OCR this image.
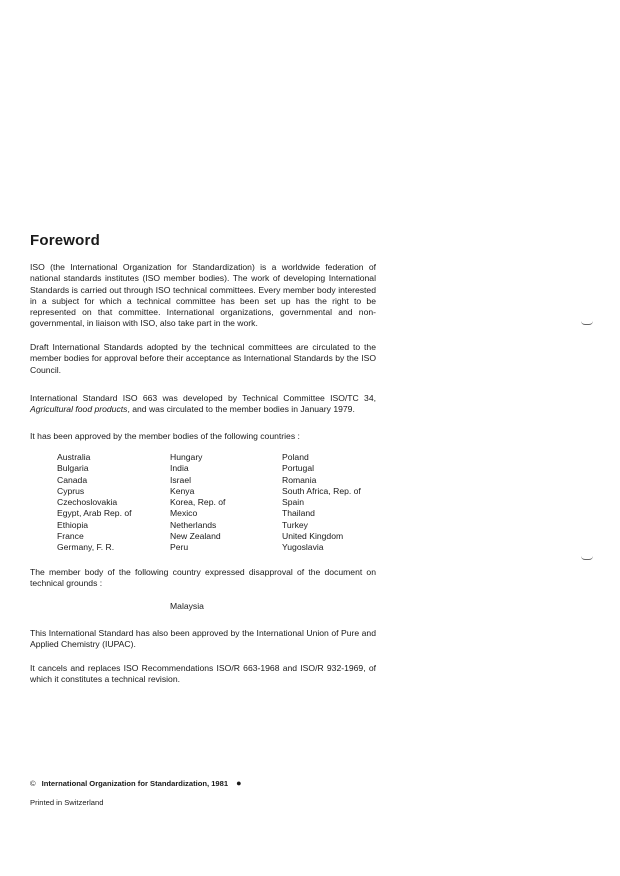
Foreword

ISO (the International Organization for Standardization) is a worldwide federation of national standards institutes (ISO member bodies). The work of developing International Standards is carried out through ISO technical committees. Every member body interested in a subject for which a technical committee has been set up has the right to be represented on that committee. International organizations, governmental and non-governmental, in liaison with ISO, also take part in the work.

Draft International Standards adopted by the technical committees are circulated to the member bodies for approval before their acceptance as International Standards by the ISO Council.

International Standard ISO 663 was developed by Technical Committee ISO/TC 34, Agricultural food products, and was circulated to the member bodies in January 1979.

It has been approved by the member bodies of the following countries :

Australia
Bulgaria
Canada
Cyprus
Czechoslovakia
Egypt, Arab Rep. of
Ethiopia
France
Germany, F. R.
Hungary
India
Israel
Kenya
Korea, Rep. of
Mexico
Netherlands
New Zealand
Peru
Poland
Portugal
Romania
South Africa, Rep. of
Spain
Thailand
Turkey
United Kingdom
Yugoslavia

The member body of the following country expressed disapproval of the document on technical grounds :

Malaysia

This International Standard has also been approved by the International Union of Pure and Applied Chemistry (IUPAC).

It cancels and replaces ISO Recommendations ISO/R 663-1968 and ISO/R 932-1969, of which it constitutes a technical revision.

© International Organization for Standardization, 1981 ●
Printed in Switzerland
